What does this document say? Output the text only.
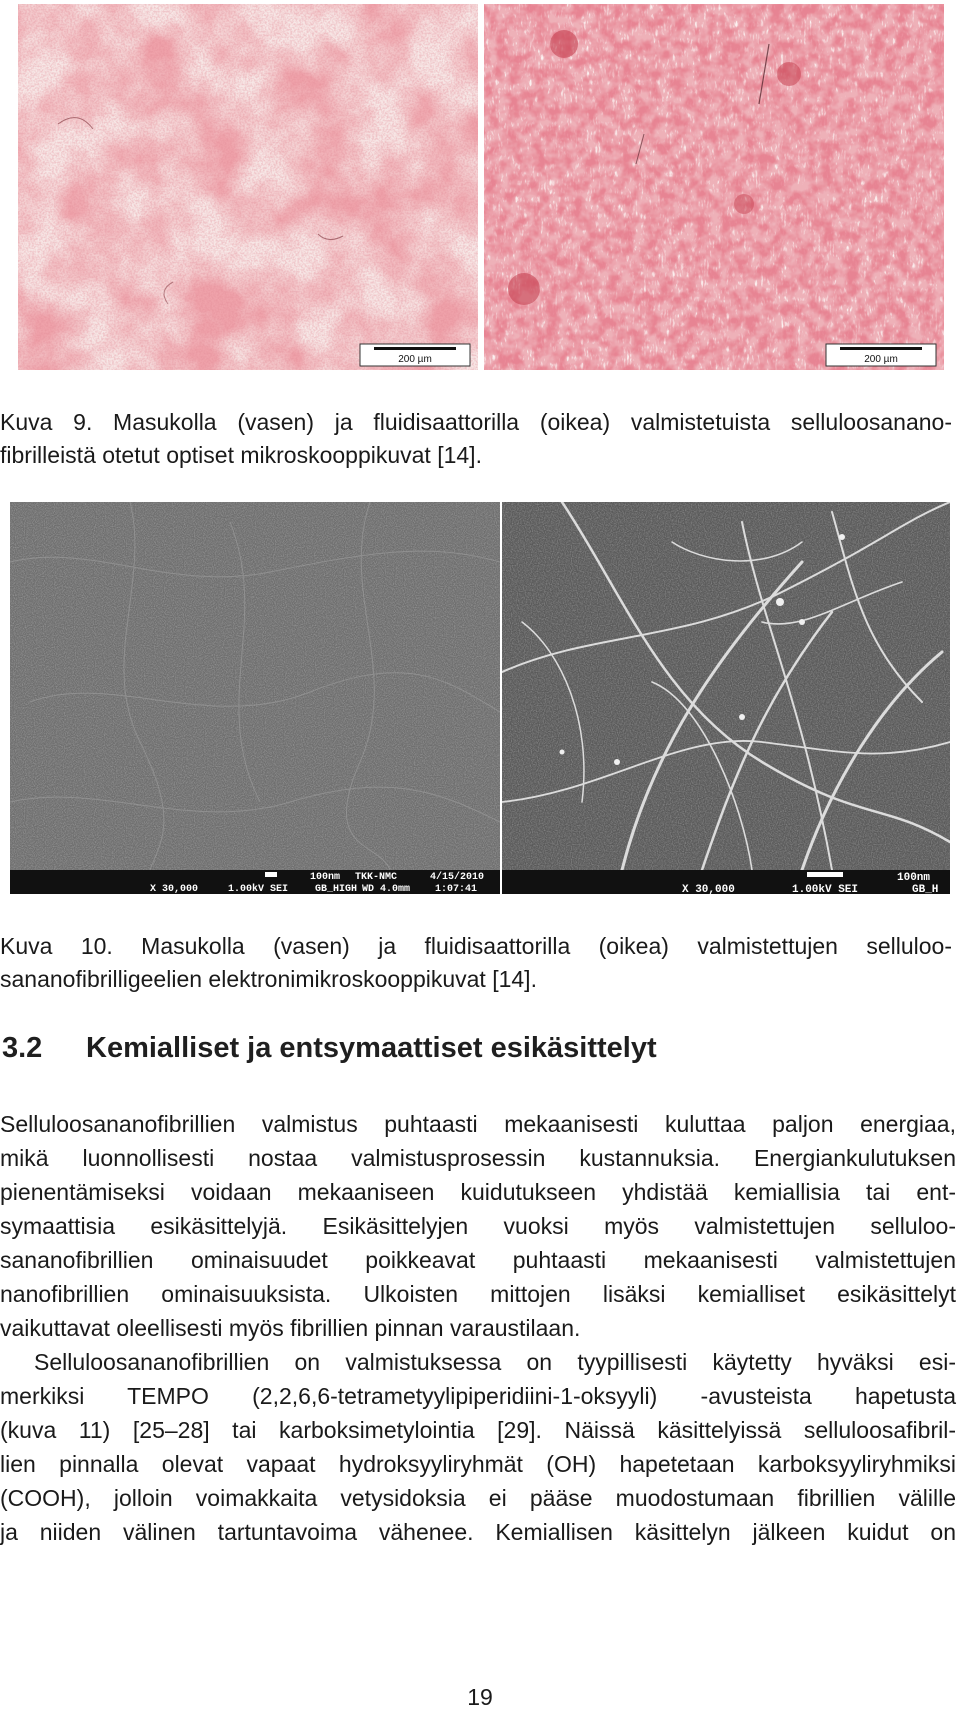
200 µm	200 µm

Kuva 9. Masukolla (vasen) ja fluidisaattorilla (oikea) valmistetuista selluloosanano-

fibrilleistä otetut optiset mikroskooppikuvat [14].

100nm TKK-NMC	4/15/2010
X 30,000	1.00kV SEI	GB_HIGH WD 4.0mm 1:07:41
100nm
X 30,000	1.00kV SEI	GB_H

Kuva 10. Masukolla (vasen) ja fluidisaattorilla (oikea) valmistettujen selluloo-

sananofibrilligeelien elektronimikroskooppikuvat [14].

3.2 Kemialliset ja entsymaattiset esikäsittelyt
Selluloosananofibrillien valmistus puhtaasti mekaanisesti kuluttaa paljon energiaa,
mikä luonnollisesti nostaa valmistusprosessin kustannuksia. Energiankulutuksen
pienentämiseksi voidaan mekaaniseen kuidutukseen yhdistää kemiallisia tai ent-
symaattisia esikäsittelyjä. Esikäsittelyjen vuoksi myös valmistettujen selluloo-
sananofibrillien ominaisuudet poikkeavat puhtaasti mekaanisesti valmistettujen
nanofibrillien ominaisuuksista. Ulkoisten mittojen lisäksi kemialliset esikäsittelyt
vaikuttavat oleellisesti myös fibrillien pinnan varaustilaan.
Selluloosananofibrillien on valmistuksessa on tyypillisesti käytetty hyväksi esi-
merkiksi TEMPO (2,2,6,6-tetrametyylipiperidiini-1-oksyyli) -avusteista hapetusta
(kuva 11) [25–28] tai karboksimetylointia [29]. Näissä käsittelyissä selluloosafibril-
lien pinnalla olevat vapaat hydroksyyliryhmät (OH) hapetetaan karboksyyliryhmiksi
(COOH), jolloin voimakkaita vetysidoksia ei pääse muodostumaan fibrillien välille
ja niiden välinen tartuntavoima vähenee. Kemiallisen käsittelyn jälkeen kuidut on
19
